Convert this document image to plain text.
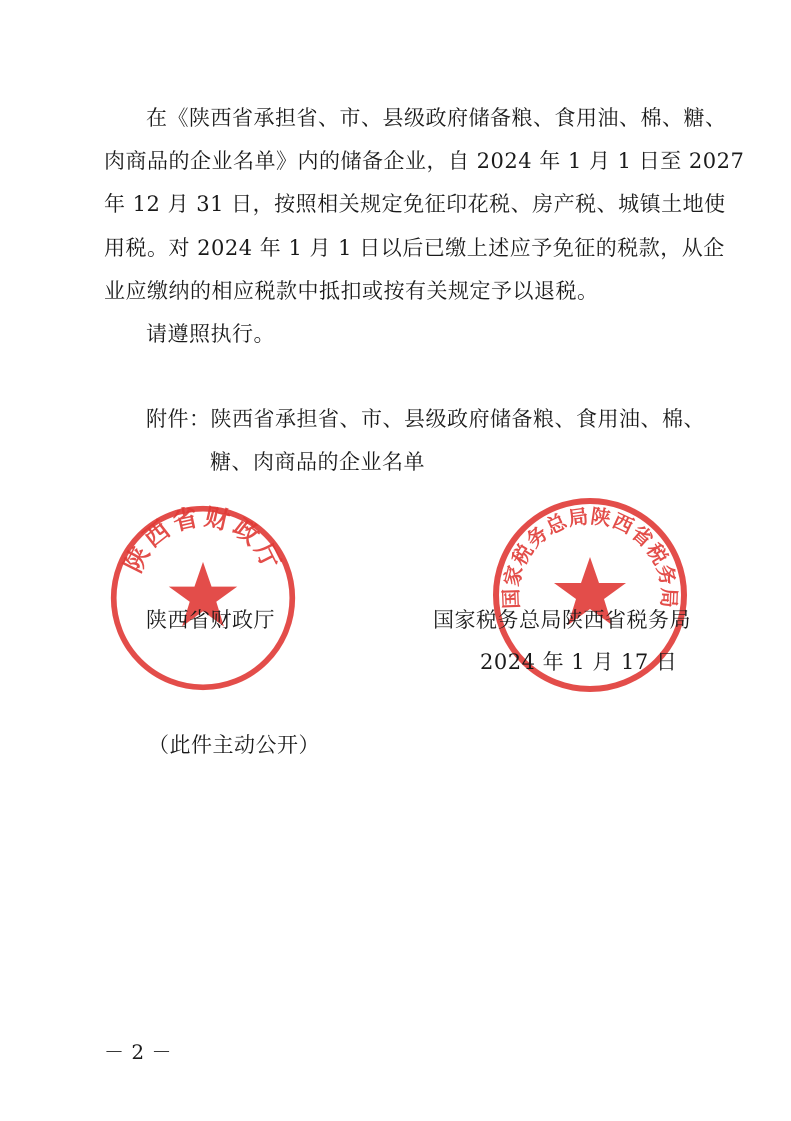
在《陕西省承担省、市、县级政府储备粮、食用油、棉、糖、
肉商品的企业名单》内的储备企业，自 2024 年 1 月 1 日至 2027
年 12 月 31 日，按照相关规定免征印花税、房产税、城镇土地使
用税。对 2024 年 1 月 1 日以后已缴上述应予免征的税款，从企
业应缴纳的相应税款中抵扣或按有关规定予以退税。
请遵照执行。
附件：陕西省承担省、市、县级政府储备粮、食用油、棉、
糖、肉商品的企业名单
陕西省财政厅
国家税务总局陕西省税务局
陕西省财政厅	国家税务总局陕西省税务局
2024 年 1 月 17 日
（此件主动公开）
－ 2 －
